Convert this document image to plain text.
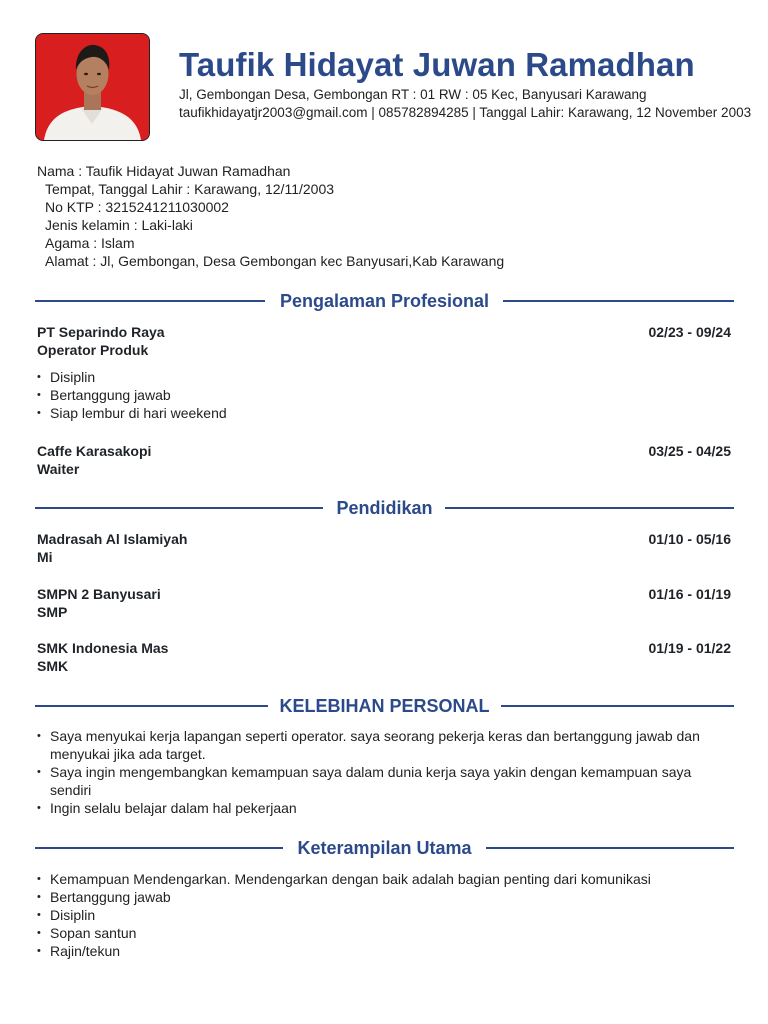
Taufik Hidayat Juwan Ramadhan
Jl, Gembongan Desa, Gembongan RT : 01 RW : 05 Kec, Banyusari Karawang
taufikhidayatjr2003@gmail.com | 085782894285 | Tanggal Lahir: Karawang, 12 November 2003
Nama : Taufik Hidayat Juwan Ramadhan
Tempat, Tanggal Lahir : Karawang, 12/11/2003
No KTP : 3215241211030002
Jenis kelamin : Laki-laki
Agama : Islam
Alamat : Jl, Gembongan, Desa Gembongan kec Banyusari,Kab Karawang
Pengalaman Profesional
PT Separindo Raya
Operator Produk
02/23 - 09/24
• Disiplin
• Bertanggung jawab
• Siap lembur di hari weekend
Caffe Karasakopi
Waiter
03/25 - 04/25
Pendidikan
Madrasah Al Islamiyah
Mi
01/10 - 05/16
SMPN 2 Banyusari
SMP
01/16 - 01/19
SMK Indonesia Mas
SMK
01/19 - 01/22
KELEBIHAN PERSONAL
• Saya menyukai kerja lapangan seperti operator. saya seorang pekerja keras dan bertanggung jawab dan menyukai jika ada target.
• Saya ingin mengembangkan kemampuan saya dalam dunia kerja saya yakin dengan kemampuan saya sendiri
• Ingin selalu belajar dalam hal pekerjaan
Keterampilan Utama
• Kemampuan Mendengarkan. Mendengarkan dengan baik adalah bagian penting dari komunikasi
• Bertanggung jawab
• Disiplin
• Sopan santun
• Rajin/tekun
